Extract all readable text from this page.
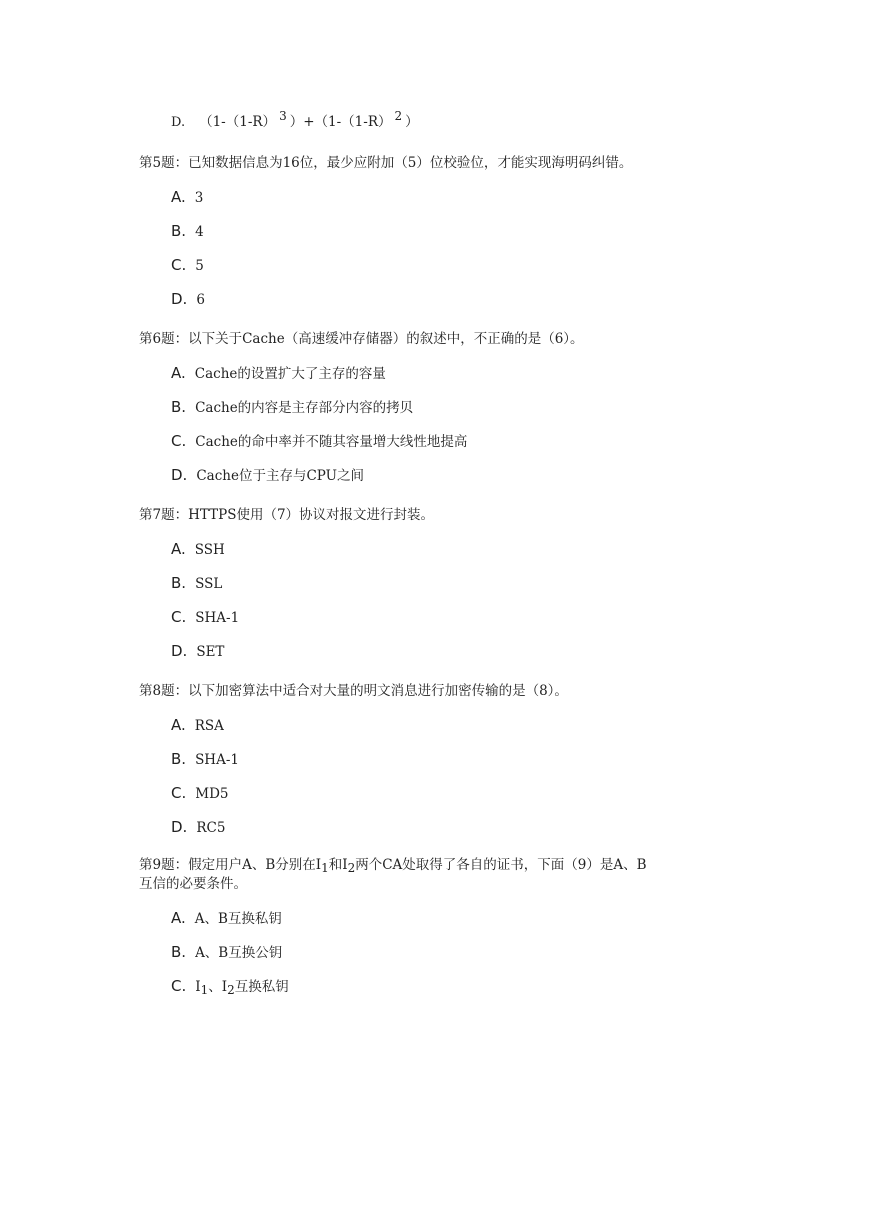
D. （1-（1-R） $^3$ ）+（1-（1-R） $^2$ ）
第5题：已知数据信息为16位，最少应附加（5）位校验位，才能实现海明码纠错。
A. 3
B. 4
C. 5
D. 6
第6题：以下关于Cache（高速缓冲存储器）的叙述中，不正确的是（6）。
A. Cache的设置扩大了主存的容量
B. Cache的内容是主存部分内容的拷贝
C. Cache的命中率并不随其容量增大线性地提高
D. Cache位于主存与CPU之间
第7题：HTTPS使用（7）协议对报文进行封装。
A. SSH
B. SSL
C. SHA-1
D. SET
第8题：以下加密算法中适合对大量的明文消息进行加密传输的是（8）。
A. RSA
B. SHA-1
C. MD5
D. RC5
第9题：假定用户A、B分别在$I_1$和$I_2$两个CA处取得了各自的证书，下面（9）是A、B
互信的必要条件。
A. A、B互换私钥
B. A、B互换公钥
C. $I_1$、$I_2$互换私钥
